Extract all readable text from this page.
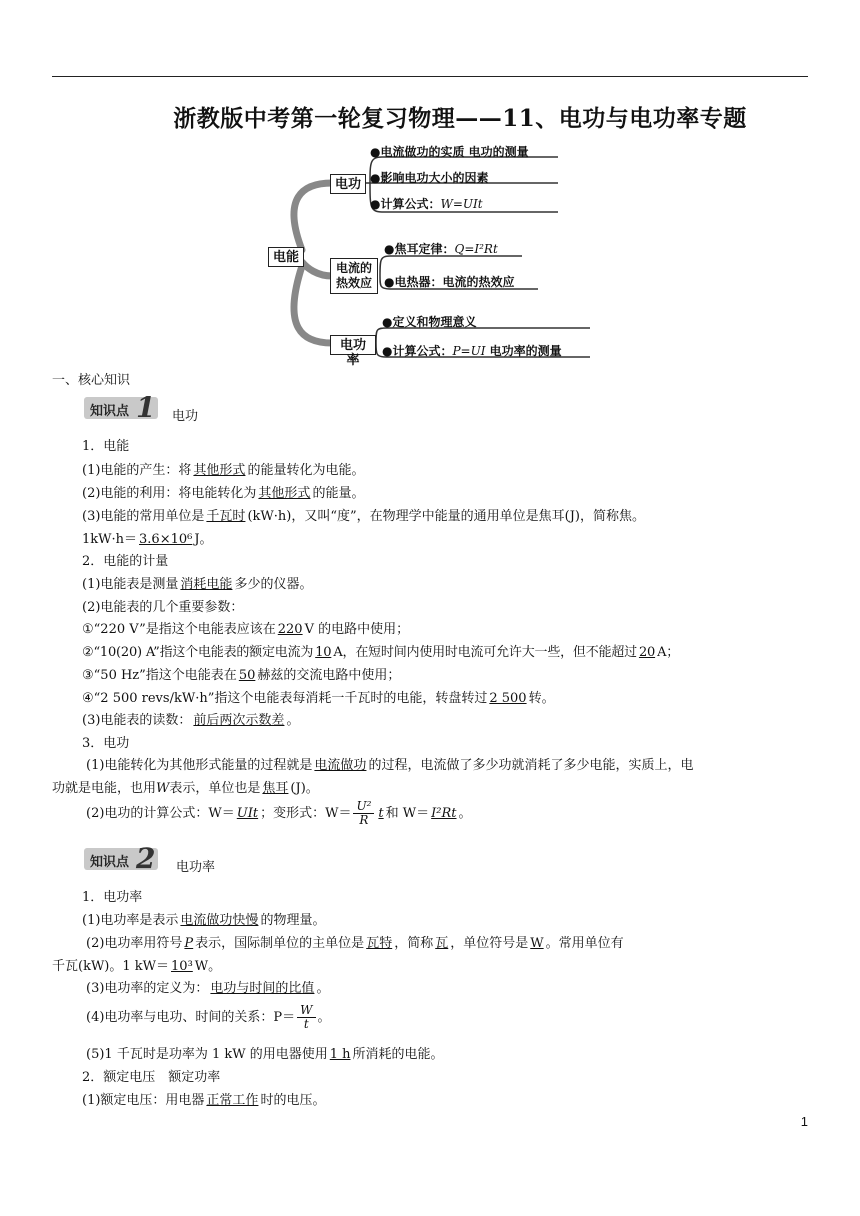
浙教版中考第一轮复习物理——11、电功与电功率专题
电能
电功
电流的热效应
电功率
●电流做功的实质 电功的测量
●影响电功大小的因素
●计算公式：W=UIt
●焦耳定律：Q=I²Rt
●电热器：电流的热效应
●定义和物理意义
●计算公式：P=UI 电功率的测量
一、核心知识
知识点 1 电功
1．电能
(1)电能的产生：将 其他形式 的能量转化为电能。
(2)电能的利用：将电能转化为 其他形式 的能量。
(3)电能的常用单位是 千瓦时 (kW·h)，又叫“度”，在物理学中能量的通用单位是焦耳(J)，简称焦。
1kW·h＝ 3.6×10⁶ J。
2．电能的计量
(1)电能表是测量 消耗电能 多少的仪器。
(2)电能表的几个重要参数：
①“220 V”是指这个电能表应该在 220 V 的电路中使用；
②“10(20) A”指这个电能表的额定电流为 10 A，在短时间内使用时电流可允许大一些，但不能超过 20 A；
③“50 Hz”指这个电能表在 50 赫兹的交流电路中使用；
④“2 500 revs/kW·h”指这个电能表每消耗一千瓦时的电能，转盘转过 2 500 转。
(3)电能表的读数： 前后两次示数差 。
3．电功
(1)电能转化为其他形式能量的过程就是 电流做功 的过程，电流做了多少功就消耗了多少电能，实质上，电
功就是电能，也用W表示，单位也是 焦耳 (J)。
(2)电功的计算公式：W＝ UIt ；变形式：$W= \frac{\text{U²}}{R}$ t 和 W＝ I²Rt 。
知识点 2 电功率
1．电功率
(1)电功率是表示 电流做功快慢 的物理量。
(2)电功率用符号 P 表示，国际制单位的主单位是 瓦特 ，简称 瓦 ，单位符号是 W 。常用单位有
千瓦(kW)。1 kW＝ 10³ W。
(3)电功率的定义为： 电功与时间的比值 。
(4)电功率与电功、时间的关系：$P= \frac{W}{t}$ 。
(5)1 千瓦时是功率为 1 kW 的用电器使用 1 h 所消耗的电能。
2．额定电压　额定功率
(1)额定电压：用电器 正常工作 时的电压。
1
